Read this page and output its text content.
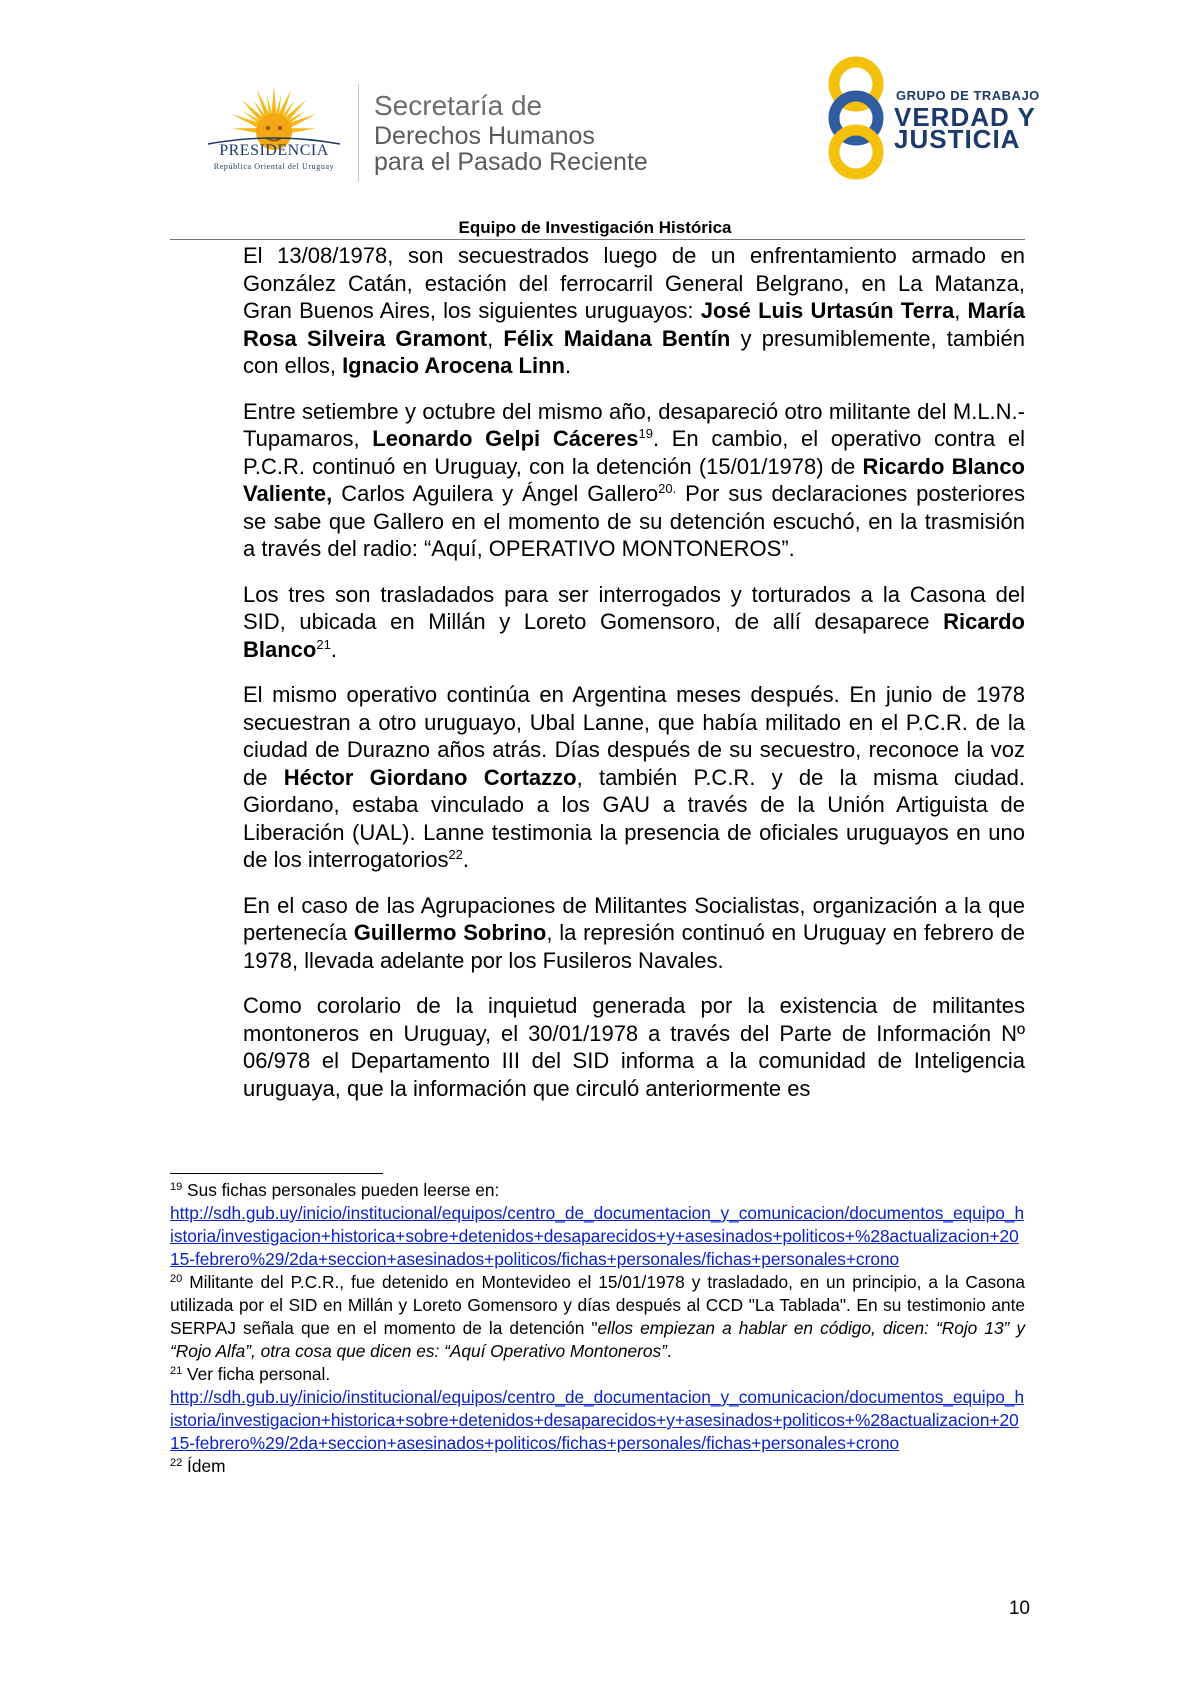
PRESIDENCIA
República Oriental del Uruguay
Secretaría de
Derechos Humanos
para el Pasado Reciente
GRUPO DE TRABAJO
VERDAD Y
JUSTICIA
Equipo de Investigación Histórica

El 13/08/1978, son secuestrados luego de un enfrentamiento armado en González Catán, estación del ferrocarril General Belgrano, en La Matanza, Gran Buenos Aires, los siguientes uruguayos: José Luis Urtasún Terra, María Rosa Silveira Gramont, Félix Maidana Bentín y presumiblemente, también con ellos, Ignacio Arocena Linn.

Entre setiembre y octubre del mismo año, desapareció otro militante del M.L.N.-Tupamaros, Leonardo Gelpi Cáceres$^{19}$. En cambio, el operativo contra el P.C.R. continuó en Uruguay, con la detención (15/01/1978) de Ricardo Blanco Valiente, Carlos Aguilera y Ángel Gallero$^{20.}$ Por sus declaraciones posteriores se sabe que Gallero en el momento de su detención escuchó, en la trasmisión a través del radio: “Aquí, OPERATIVO MONTONEROS”.

Los tres son trasladados para ser interrogados y torturados a la Casona del SID, ubicada en Millán y Loreto Gomensoro, de allí desaparece Ricardo Blanco$^{21}$.

El mismo operativo continúa en Argentina meses después. En junio de 1978 secuestran a otro uruguayo, Ubal Lanne, que había militado en el P.C.R. de la ciudad de Durazno años atrás. Días después de su secuestro, reconoce la voz de Héctor Giordano Cortazzo, también P.C.R. y de la misma ciudad. Giordano, estaba vinculado a los GAU a través de la Unión Artiguista de Liberación (UAL). Lanne testimonia la presencia de oficiales uruguayos en uno de los interrogatorios$^{22}$.

En el caso de las Agrupaciones de Militantes Socialistas, organización a la que pertenecía Guillermo Sobrino, la represión continuó en Uruguay en febrero de 1978, llevada adelante por los Fusileros Navales.

Como corolario de la inquietud generada por la existencia de militantes montoneros en Uruguay, el 30/01/1978 a través del Parte de Información Nº 06/978 el Departamento III del SID informa a la comunidad de Inteligencia uruguaya, que la información que circuló anteriormente es

$^{19}$ Sus fichas personales pueden leerse en:

http://sdh.gub.uy/inicio/institucional/equipos/centro_de_documentacion_y_comunicacion/documentos_equipo_historia/investigacion+historica+sobre+detenidos+desaparecidos+y+asesinados+politicos+%28actualizacion+2015-febrero%29/2da+seccion+asesinados+politicos/fichas+personales/fichas+personales+crono

$^{20}$ Militante del P.C.R., fue detenido en Montevideo el 15/01/1978 y trasladado, en un principio, a la Casona utilizada por el SID en Millán y Loreto Gomensoro y días después al CCD "La Tablada". En su testimonio ante SERPAJ señala que en el momento de la detención "ellos empiezan a hablar en código, dicen: “Rojo 13” y “Rojo Alfa”, otra cosa que dicen es: “Aquí Operativo Montoneros”.

$^{21}$ Ver ficha personal.

http://sdh.gub.uy/inicio/institucional/equipos/centro_de_documentacion_y_comunicacion/documentos_equipo_historia/investigacion+historica+sobre+detenidos+desaparecidos+y+asesinados+politicos+%28actualizacion+2015-febrero%29/2da+seccion+asesinados+politicos/fichas+personales/fichas+personales+crono

$^{22}$ Ídem

10
